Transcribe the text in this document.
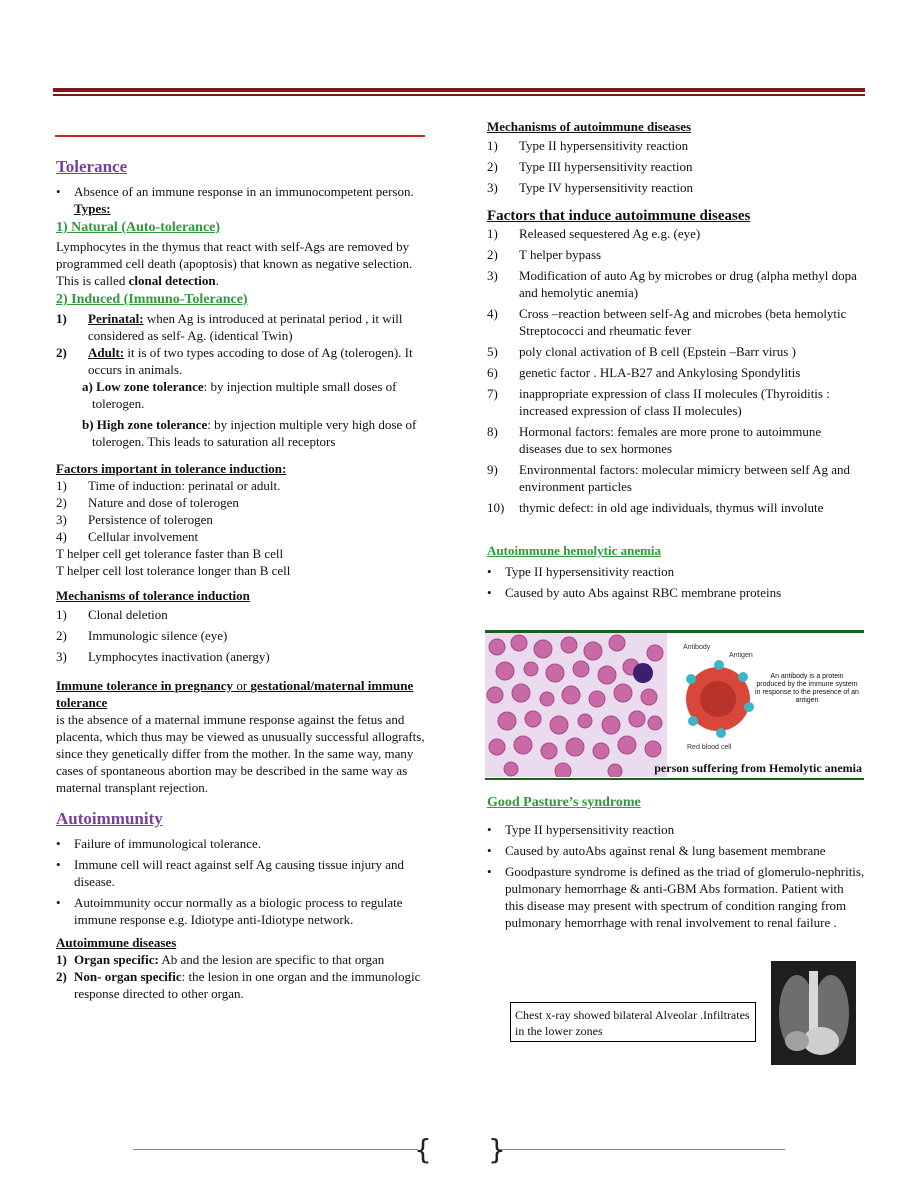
Tolerance
•	Absence of an immune response in an immunocompetent person. Types:
1) Natural (Auto-tolerance)

Lymphocytes in the thymus that react with self-Ags are removed by programmed cell death (apoptosis) that known as negative selection. This is called clonal detection.

2) Induced (Immuno-Tolerance)
1)	Perinatal: when Ag is introduced at perinatal period , it will considered as self- Ag. (identical Twin)
2)	Adult: it is of two types accoding to dose of Ag (tolerogen). It occurs in animals.

a) Low zone tolerance: by injection multiple small doses of tolerogen.

b) High zone tolerance: by injection multiple very high dose of tolerogen. This leads to saturation all receptors

Factors important in tolerance induction:
1)	Time of induction: perinatal or adult.
2)	Nature and dose of tolerogen
3)	Persistence of tolerogen
4)	Cellular involvement

T helper cell get tolerance faster than B cell

T helper cell lost tolerance longer than B cell

Mechanisms of tolerance induction
1)	Clonal deletion
2)	Immunologic silence (eye)
3)	Lymphocytes inactivation (anergy)
Immune tolerance in pregnancy or gestational/maternal immune tolerance

is the absence of a maternal immune response against the fetus and placenta, which thus may be viewed as unusually successful allografts, since they genetically differ from the mother. In the same way, many cases of spontaneous abortion may be described in the same way as maternal transplant rejection.

Autoimmunity
•	Failure of immunological tolerance.
•	Immune cell will react against self Ag causing tissue injury and disease.
•	Autoimmunity occur normally as a biologic process to regulate immune response e.g. Idiotype anti-Idiotype network.
Autoimmune diseases
1) Organ specific: Ab and the lesion are specific to that organ
2) Non- organ specific: the lesion in one organ and the immunologic response directed to other organ.
Mechanisms of autoimmune diseases
1)	Type II hypersensitivity reaction
2)	Type III hypersensitivity reaction
3)	Type IV hypersensitivity reaction
Factors that induce autoimmune diseases
1)	Released sequestered Ag e.g. (eye)
2)	T helper bypass
3)	Modification of auto Ag by microbes or drug (alpha methyl dopa and hemolytic anemia)
4)	Cross –reaction between self-Ag and microbes (beta hemolytic Streptococci and rheumatic fever
5)	poly clonal activation of B cell (Epstein –Barr virus )
6)	genetic factor . HLA-B27 and Ankylosing Spondylitis
7)	inappropriate expression of class II molecules (Thyroiditis : increased expression of class II molecules)
8)	Hormonal factors: females are more prone to autoimmune diseases due to sex hormones
9)	Environmental factors: molecular mimicry between self Ag and environment particles
10)	thymic defect: in old age individuals, thymus will involute
Autoimmune hemolytic anemia
•	Type II hypersensitivity reaction
•	Caused by auto Abs against RBC membrane proteins
Antibody
Antigen
Red blood cell
An antibody is a protein produced by the immune system in response to the presence of an antigen
person suffering from Hemolytic anemia
Good Pasture’s syndrome
•	Type II hypersensitivity reaction
•	Caused by autoAbs against renal & lung basement membrane
•	Goodpasture syndrome is defined as the triad of glomerulo-nephritis, pulmonary hemorrhage & anti-GBM Abs formation. Patient with this disease may present with spectrum of condition ranging from pulmonary hemorrhage with renal involvement to renal failure .
Chest x-ray showed bilateral Alveolar .Infiltrates in the lower zones
{ }
